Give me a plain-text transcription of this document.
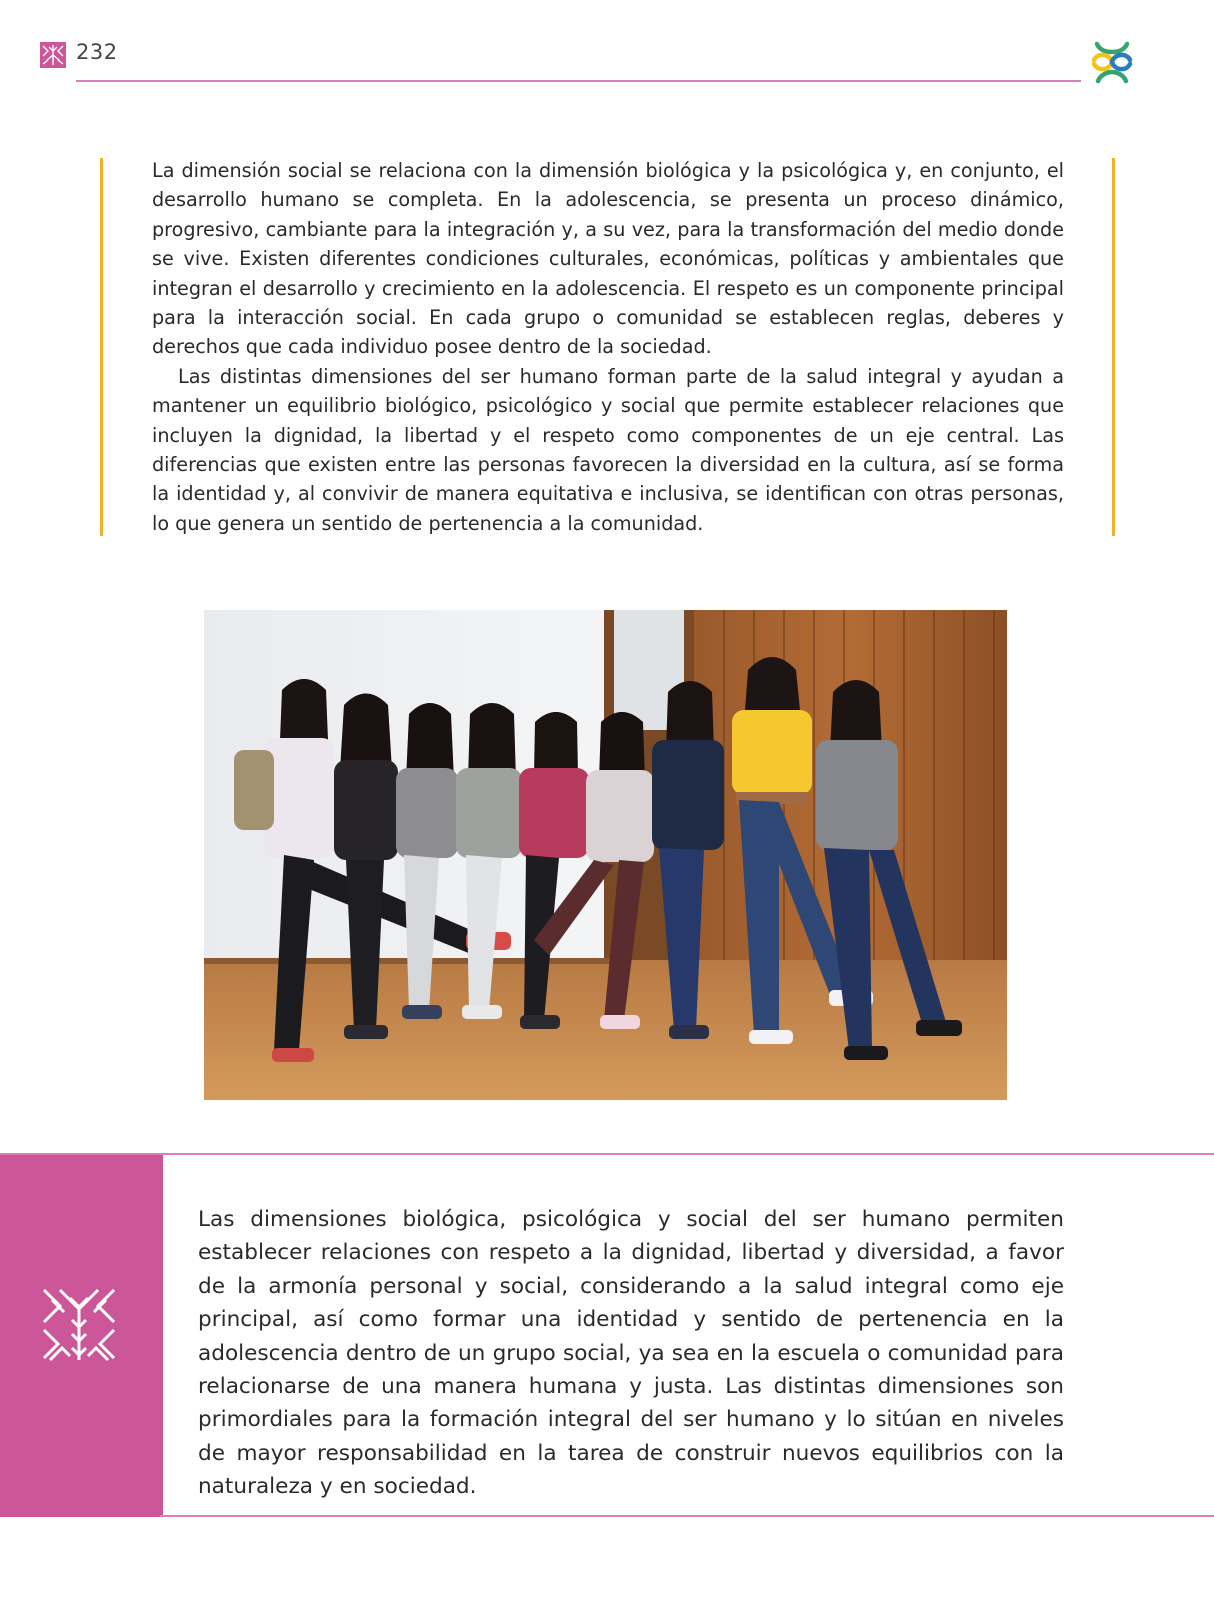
232

La dimensión social se relaciona con la dimensión biológica y la psicológica y, en conjunto, el desarrollo humano se completa. En la adolescencia, se presenta un proceso dinámico, progresivo, cambiante para la integración y, a su vez, para la transformación del medio donde se vive. Existen diferentes condiciones culturales, económicas, políticas y ambientales que integran el desarrollo y crecimiento en la adolescencia. El respeto es un componente principal para la interacción social. En cada grupo o comunidad se establecen reglas, deberes y derechos que cada individuo posee dentro de la sociedad.

Las distintas dimensiones del ser humano forman parte de la salud integral y ayudan a mantener un equilibrio biológico, psicológico y social que permite establecer relaciones que incluyen la dignidad, la libertad y el respeto como componentes de un eje central. Las diferencias que existen entre las personas favorecen la diversidad en la cultura, así se forma la identidad y, al convivir de manera equitativa e inclusiva, se identifican con otras personas, lo que genera un sentido de pertenencia a la comunidad.

Las dimensiones biológica, psicológica y social del ser humano permiten establecer relaciones con respeto a la dignidad, libertad y diversidad, a favor de la armonía personal y social, considerando a la salud integral como eje principal, así como formar una identidad y sentido de pertenencia en la adolescencia dentro de un grupo social, ya sea en la escuela o comunidad para relacionarse de una manera humana y justa. Las distintas dimensiones son primordiales para la formación integral del ser humano y lo sitúan en niveles de mayor responsabilidad en la tarea de construir nuevos equilibrios con la naturaleza y en sociedad.
